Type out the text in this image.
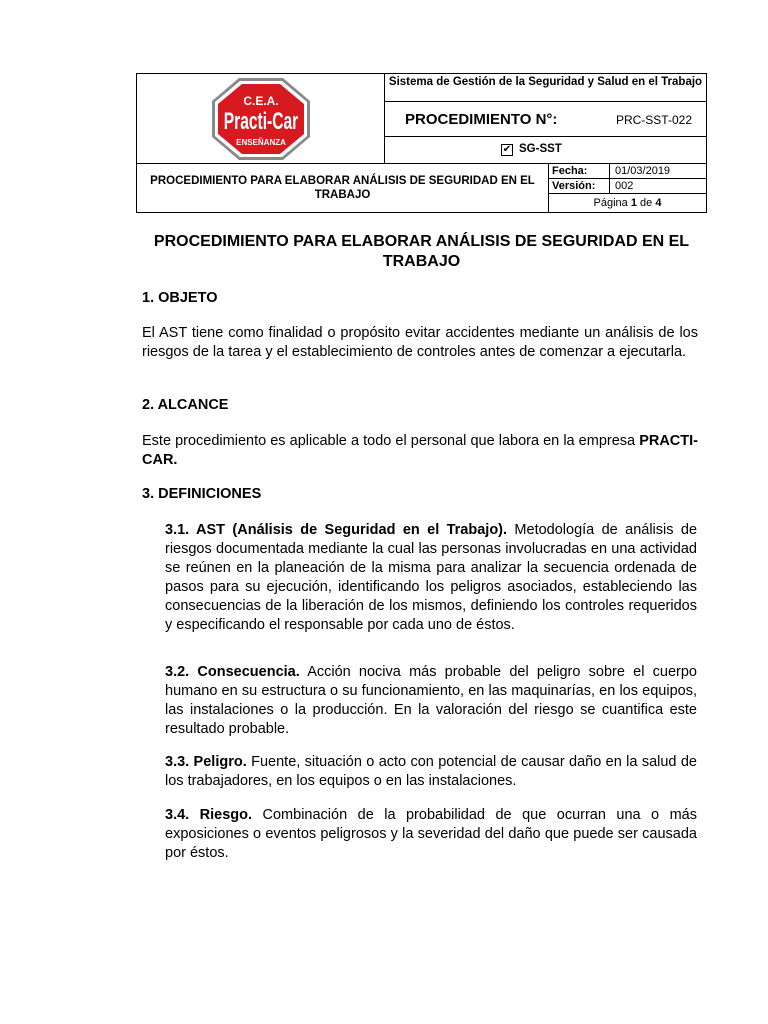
C.E.A.
Practi-Car
ENSEÑANZA
Sistema de Gestión de la Seguridad y Salud en el Trabajo
PROCEDIMIENTO N°:	PRC-SST-022
✔ SG-SST
PROCEDIMIENTO PARA ELABORAR ANÁLISIS DE SEGURIDAD EN EL TRABAJO
Fecha:	01/03/2019
Versión:	002
Página 1 de 4
PROCEDIMIENTO PARA ELABORAR ANÁLISIS DE SEGURIDAD EN EL TRABAJO
1. OBJETO
El AST tiene como finalidad o propósito evitar accidentes mediante un análisis de los riesgos de la tarea y el establecimiento de controles antes de comenzar a ejecutarla.
2. ALCANCE
Este procedimiento es aplicable a todo el personal que labora en la empresa PRACTI-CAR.
3. DEFINICIONES
3.1. AST (Análisis de Seguridad en el Trabajo). Metodología de análisis de riesgos documentada mediante la cual las personas involucradas en una actividad se reúnen en la planeación de la misma para analizar la secuencia ordenada de pasos para su ejecución, identificando los peligros asociados, estableciendo las consecuencias de la liberación de los mismos, definiendo los controles requeridos y especificando el responsable por cada uno de éstos.
3.2. Consecuencia. Acción nociva más probable del peligro sobre el cuerpo humano en su estructura o su funcionamiento, en las maquinarías, en los equipos, las instalaciones o la producción. En la valoración del riesgo se cuantifica este resultado probable.
3.3. Peligro. Fuente, situación o acto con potencial de causar daño en la salud de los trabajadores, en los equipos o en las instalaciones.
3.4. Riesgo. Combinación de la probabilidad de que ocurran una o más exposiciones o eventos peligrosos y la severidad del daño que puede ser causada por éstos.
